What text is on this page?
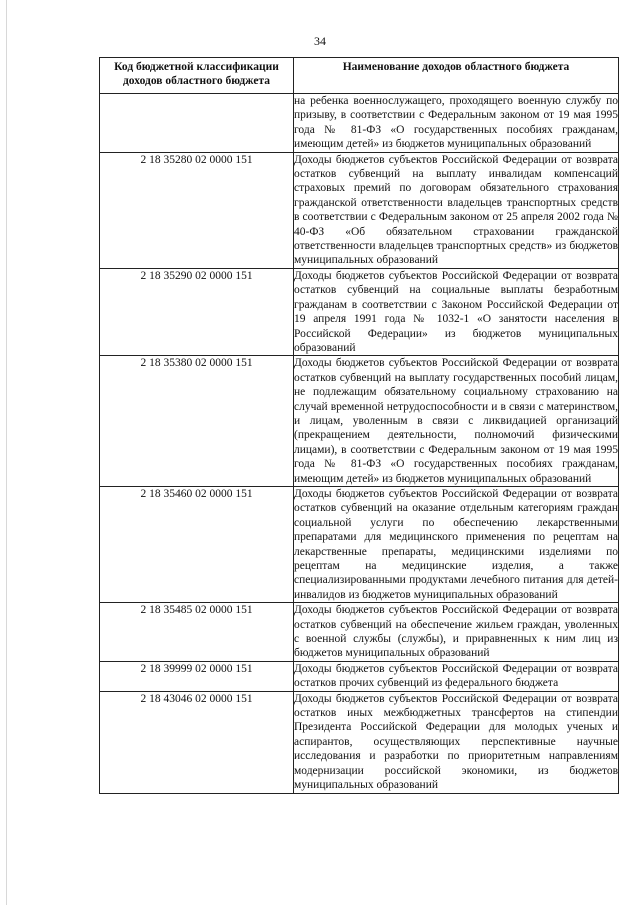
34
Код бюджетной классификации доходов областного бюджета	Наименование доходов областного бюджета
	на ребенка военнослужащего, проходящего военную службу по призыву, в соответствии с Федеральным законом от 19 мая 1995 года № 81-ФЗ «О государственных пособиях гражданам, имеющим детей» из бюджетов муниципальных образований
2 18 35280 02 0000 151	Доходы бюджетов субъектов Российской Федерации от возврата остатков субвенций на выплату инвалидам компенсаций страховых премий по договорам обязательного страхования гражданской ответственности владельцев транспортных средств в соответствии с Федеральным законом от 25 апреля 2002 года № 40-ФЗ «Об обязательном страховании гражданской ответственности владельцев транспортных средств» из бюджетов муниципальных образований
2 18 35290 02 0000 151	Доходы бюджетов субъектов Российской Федерации от возврата остатков субвенций на социальные выплаты безработным гражданам в соответствии с Законом Российской Федерации от 19 апреля 1991 года № 1032-1 «О занятости населения в Российской Федерации» из бюджетов муниципальных образований
2 18 35380 02 0000 151	Доходы бюджетов субъектов Российской Федерации от возврата остатков субвенций на выплату государственных пособий лицам, не подлежащим обязательному социальному страхованию на случай временной нетрудоспособности и в связи с материнством, и лицам, уволенным в связи с ликвидацией организаций (прекращением деятельности, полномочий физическими лицами), в соответствии с Федеральным законом от 19 мая 1995 года № 81-ФЗ «О государственных пособиях гражданам, имеющим детей» из бюджетов муниципальных образований
2 18 35460 02 0000 151	Доходы бюджетов субъектов Российской Федерации от возврата остатков субвенций на оказание отдельным категориям граждан социальной услуги по обеспечению лекарственными препаратами для медицинского применения по рецептам на лекарственные препараты, медицинскими изделиями по рецептам на медицинские изделия, а также специализированными продуктами лечебного питания для детей-инвалидов из бюджетов муниципальных образований
2 18 35485 02 0000 151	Доходы бюджетов субъектов Российской Федерации от возврата остатков субвенций на обеспечение жильем граждан, уволенных с военной службы (службы), и приравненных к ним лиц из бюджетов муниципальных образований
2 18 39999 02 0000 151	Доходы бюджетов субъектов Российской Федерации от возврата остатков прочих субвенций из федерального бюджета
2 18 43046 02 0000 151	Доходы бюджетов субъектов Российской Федерации от возврата остатков иных межбюджетных трансфертов на стипендии Президента Российской Федерации для молодых ученых и аспирантов, осуществляющих перспективные научные исследования и разработки по приоритетным направлениям модернизации российской экономики, из бюджетов муниципальных образований
